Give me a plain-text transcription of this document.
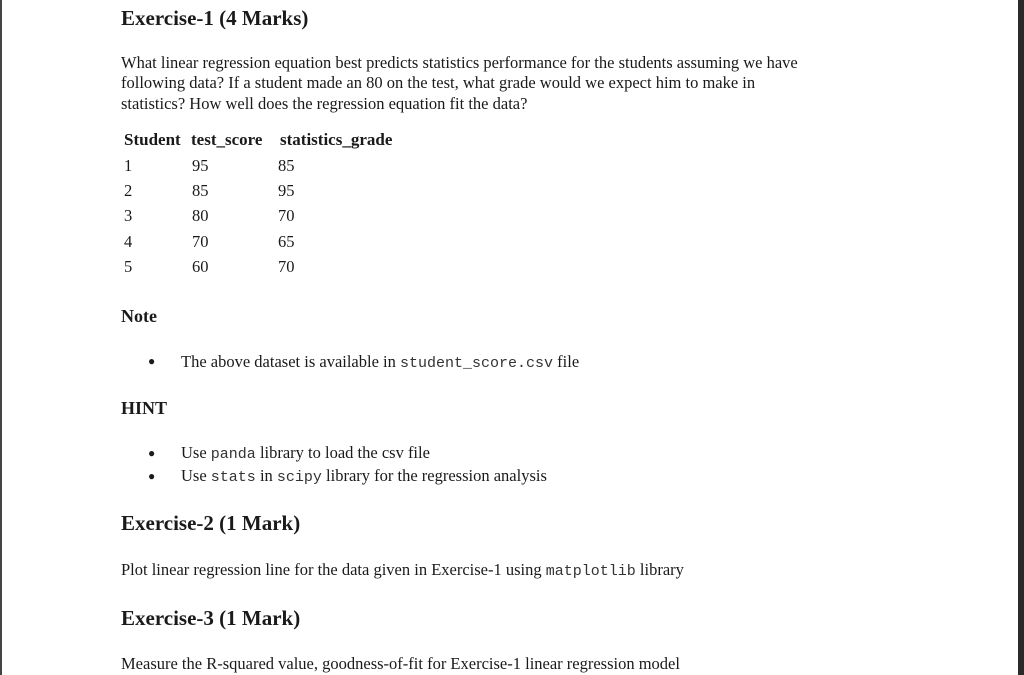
Exercise-1 (4 Marks)
What linear regression equation best predicts statistics performance for the students assuming we have
following data? If a student made an 80 on the test, what grade would we expect him to make in
statistics? How well does the regression equation fit the data?
Student test_score statistics_grade
1	95	85
2	85	95
3	80	70
4	70	65
5	60	70
Note
● The above dataset is available in student_score.csv file
HINT
● Use panda library to load the csv file
● Use stats in scipy library for the regression analysis
Exercise-2 (1 Mark)
Plot linear regression line for the data given in Exercise-1 using matplotlib library
Exercise-3 (1 Mark)
Measure the R-squared value, goodness-of-fit for Exercise-1 linear regression model
